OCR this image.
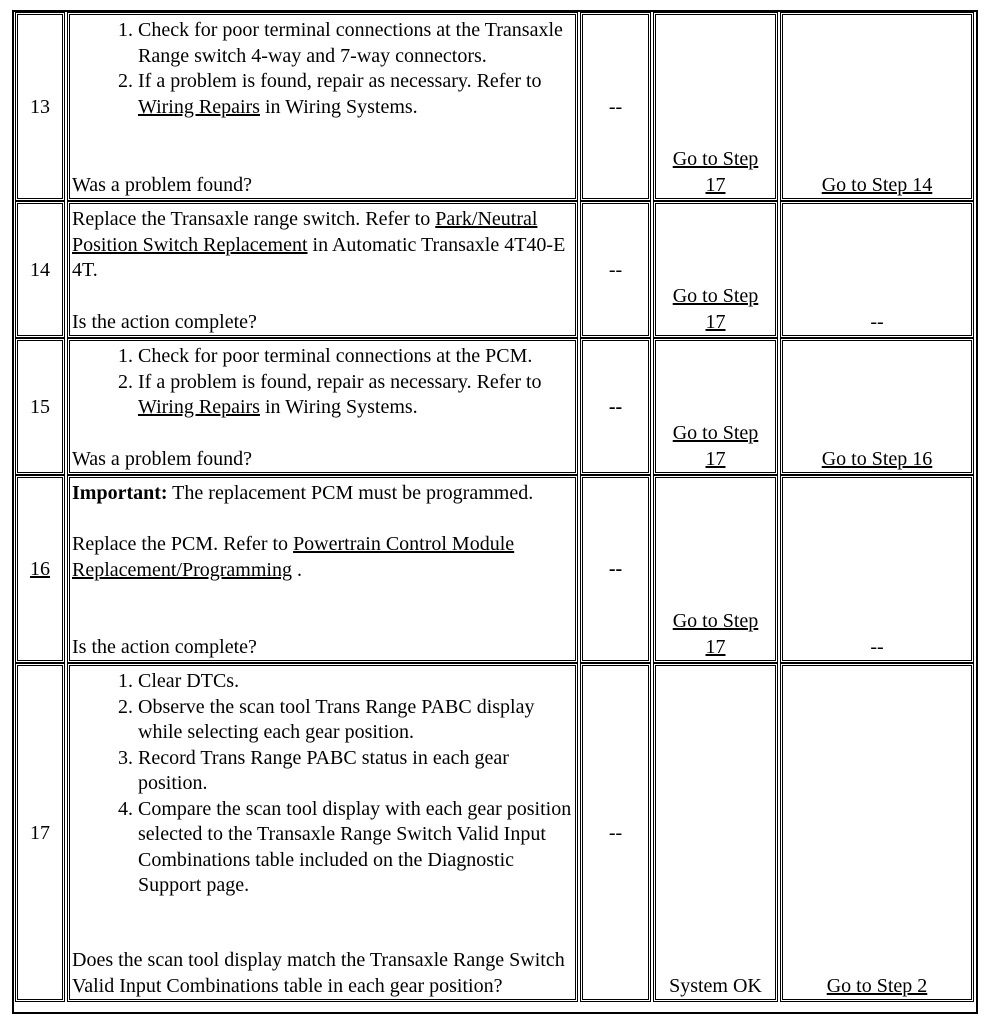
13
1. Check for poor terminal connections at the Transaxle Range switch 4-way and 7-way connectors.
2. If a problem is found, repair as necessary. Refer to Wiring Repairs in Wiring Systems.
Was a problem found?
--
Go to Step 17	Go to Step 14
14

Replace the Transaxle range switch. Refer to Park/Neutral Position Switch Replacement in Automatic Transaxle 4T40-E 4T.

Is the action complete?
--
Go to Step 17	--
15
1. Check for poor terminal connections at the PCM.
2. If a problem is found, repair as necessary. Refer to Wiring Repairs in Wiring Systems.
Was a problem found?
--
Go to Step 17	Go to Step 16
16

Important: The replacement PCM must be programmed.

Replace the PCM. Refer to Powertrain Control Module Replacement/Programming .

Is the action complete?
--
Go to Step 17	--
17
1. Clear DTCs.
2. Observe the scan tool Trans Range PABC display while selecting each gear position.
3. Record Trans Range PABC status in each gear position.
4. Compare the scan tool display with each gear position selected to the Transaxle Range Switch Valid Input Combinations table included on the Diagnostic Support page.
Does the scan tool display match the Transaxle Range Switch Valid Input Combinations table in each gear position?
--
System OK	Go to Step 2
